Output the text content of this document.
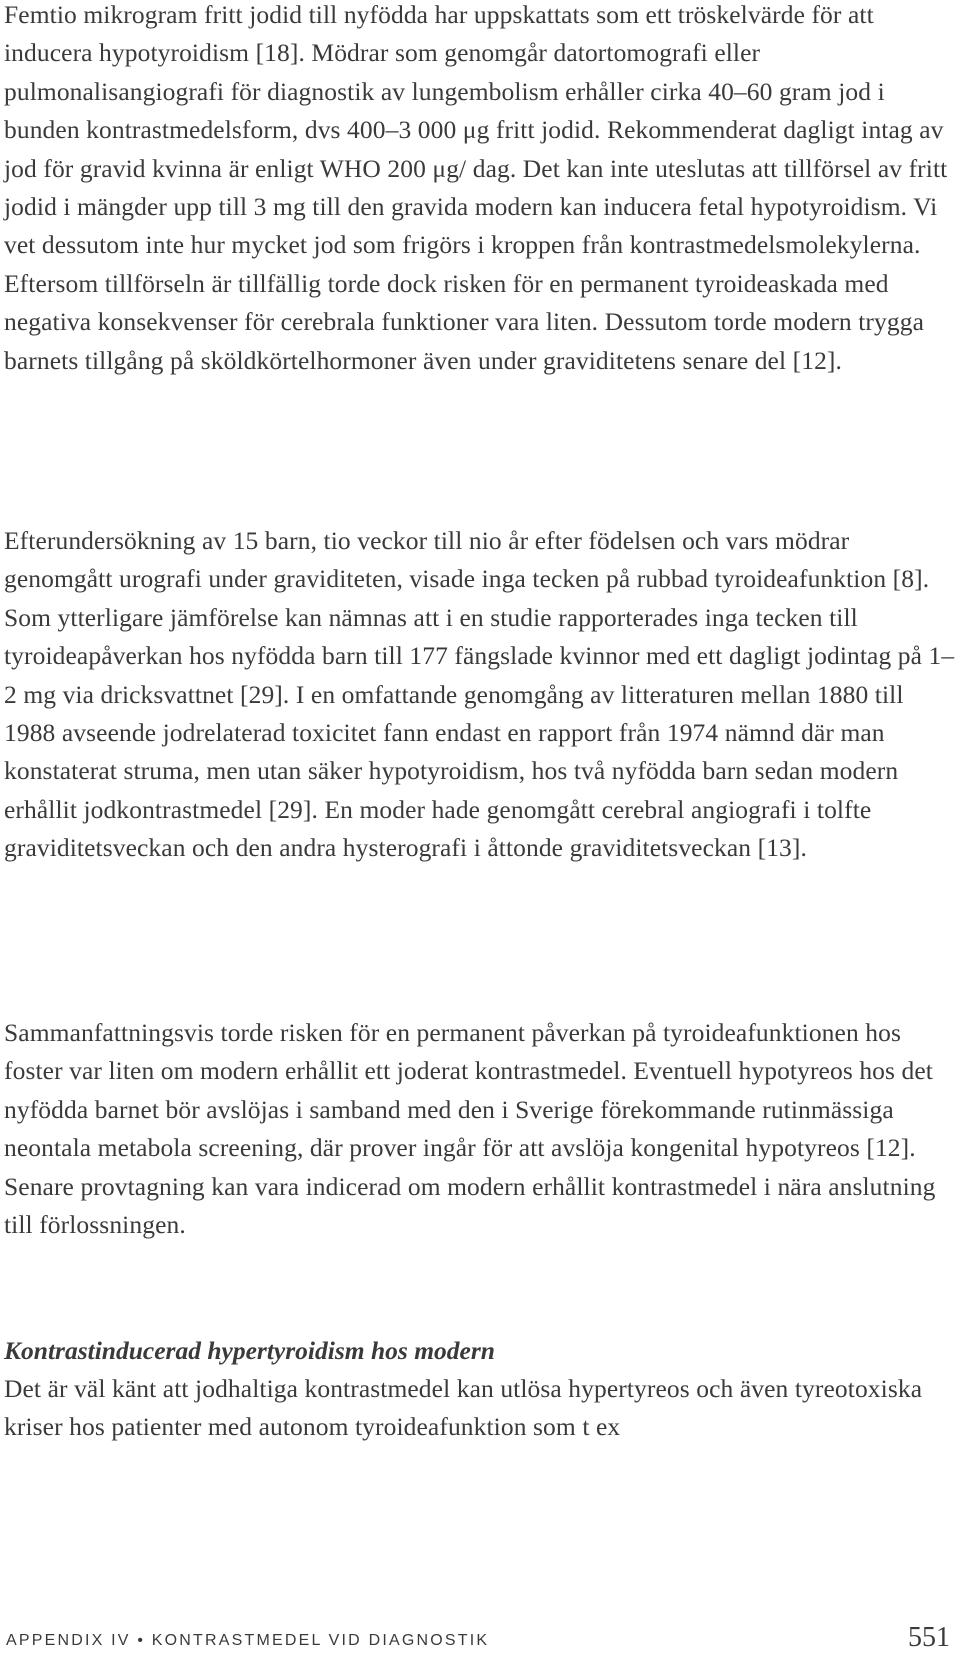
Femtio mikrogram fritt jodid till nyfödda har uppskattats som ett tröskelvärde för att inducera hypotyroidism [18]. Mödrar som genomgår datortomografi eller pulmonalisangiografi för diagnostik av lungembolism erhåller cirka 40–60 gram jod i bunden kontrastmedelsform, dvs 400–3 000 μg fritt jodid. Rekommenderat dagligt intag av jod för gravid kvinna är enligt WHO 200 μg/ dag. Det kan inte uteslutas att tillförsel av fritt jodid i mängder upp till 3 mg till den gravida modern kan inducera fetal hypotyroidism. Vi vet dessutom inte hur mycket jod som frigörs i kroppen från kontrastmedelsmolekylerna. Eftersom tillförseln är tillfällig torde dock risken för en permanent tyroideaskada med negativa konsekvenser för cerebrala funktioner vara liten. Dessutom torde modern trygga barnets tillgång på sköldkörtelhormoner även under graviditetens senare del [12].

Efterundersökning av 15 barn, tio veckor till nio år efter födelsen och vars mödrar genomgått urografi under graviditeten, visade inga tecken på rubbad tyroideafunktion [8]. Som ytterligare jämförelse kan nämnas att i en studie rapporterades inga tecken till tyroideapåverkan hos nyfödda barn till 177 fängslade kvinnor med ett dagligt jodintag på 1–2 mg via dricksvattnet [29]. I en omfattande genomgång av litteraturen mellan 1880 till 1988 avseende jodrelaterad toxicitet fann endast en rapport från 1974 nämnd där man konstaterat struma, men utan säker hypotyroidism, hos två nyfödda barn sedan modern erhållit jodkontrastmedel [29]. En moder hade genomgått cerebral angiografi i tolfte graviditetsveckan och den andra hysterografi i åttonde graviditetsveckan [13].

Sammanfattningsvis torde risken för en permanent påverkan på tyroideafunktionen hos foster var liten om modern erhållit ett joderat kontrastmedel. Eventuell hypotyreos hos det nyfödda barnet bör avslöjas i samband med den i Sverige förekommande rutinmässiga neontala metabola screening, där prover ingår för att avslöja kongenital hypotyreos [12]. Senare provtagning kan vara indicerad om modern erhållit kontrastmedel i nära anslutning till förlossningen.

Kontrastinducerad hypertyroidism hos modern

Det är väl känt att jodhaltiga kontrastmedel kan utlösa hypertyreos och även tyreotoxiska kriser hos patienter med autonom tyroideafunktion som t ex

APPENDIX IV • KONTRASTMEDEL VID DIAGNOSTIK	551
